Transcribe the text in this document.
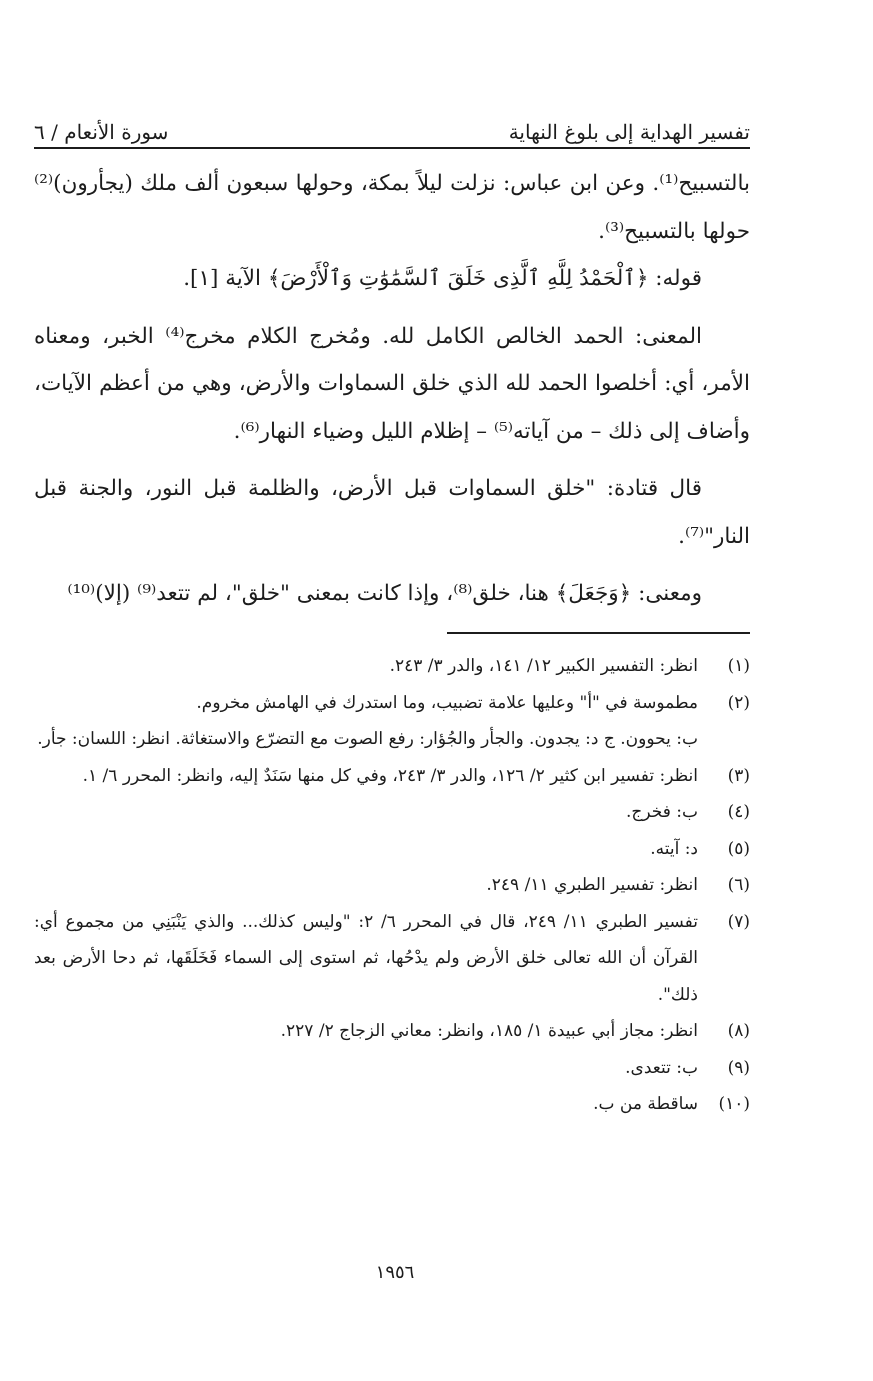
تفسير الهداية إلى بلوغ النهاية
سورة الأنعام / ٦

بالتسبيح⁽¹⁾. وعن ابن عباس: نزلت ليلاً بمكة، وحولها سبعون ألف ملك (يجأرون)⁽²⁾ حولها بالتسبيح⁽³⁾.

قوله: ﴿ٱلْحَمْدُ لِلَّهِ ٱلَّذِى خَلَقَ ٱلسَّمَٰوَٰتِ وَٱلْأَرْضَ﴾ الآية [١].

المعنى: الحمد الخالص الكامل لله. ومُخرج الكلام مخرج⁽⁴⁾ الخبر، ومعناه الأمر، أي: أخلصوا الحمد لله الذي خلق السماوات والأرض، وهي من أعظم الآيات، وأضاف إلى ذلك – من آياته⁽⁵⁾ – إظلام الليل وضياء النهار⁽⁶⁾.

قال قتادة: "خلق السماوات قبل الأرض، والظلمة قبل النور، والجنة قبل النار"⁽⁷⁾.

ومعنى: ﴿وَجَعَلَ﴾ هنا، خلق⁽⁸⁾، وإذا كانت بمعنى "خلق"، لم تتعد⁽⁹⁾ (إلا)⁽¹⁰⁾

(١)
انظر: التفسير الكبير ١٢/ ١٤١، والدر ٣/ ٢٤٣.
(٢)
مطموسة في "أ" وعليها علامة تضبيب، وما استدرك في الهامش مخروم.
ب: يحوون. ج د: يجدون. والجأر والجُؤار: رفع الصوت مع التضرّع والاستغاثة. انظر: اللسان: جأر.
(٣)
انظر: تفسير ابن كثير ٢/ ١٢٦، والدر ٣/ ٢٤٣، وفي كل منها سَنَدٌ إليه، وانظر: المحرر ٦/ ١.
(٤)
ب: فخرج.
(٥)
د: آيته.
(٦)
انظر: تفسير الطبري ١١/ ٢٤٩.
(٧)
تفسير الطبري ١١/ ٢٤٩، قال في المحرر ٦/ ٢: "وليس كذلك... والذي يَنْبَنِي من مجموع أي: القرآن أن الله تعالى خلق الأرض ولم يدْحُها، ثم استوى إلى السماء فَخَلَقَها، ثم دحا الأرض بعد ذلك".
(٨)
انظر: مجاز أبي عبيدة ١/ ١٨٥، وانظر: معاني الزجاج ٢/ ٢٢٧.
(٩)
ب: تتعدى.
(١٠)
ساقطة من ب.
١٩٥٦
